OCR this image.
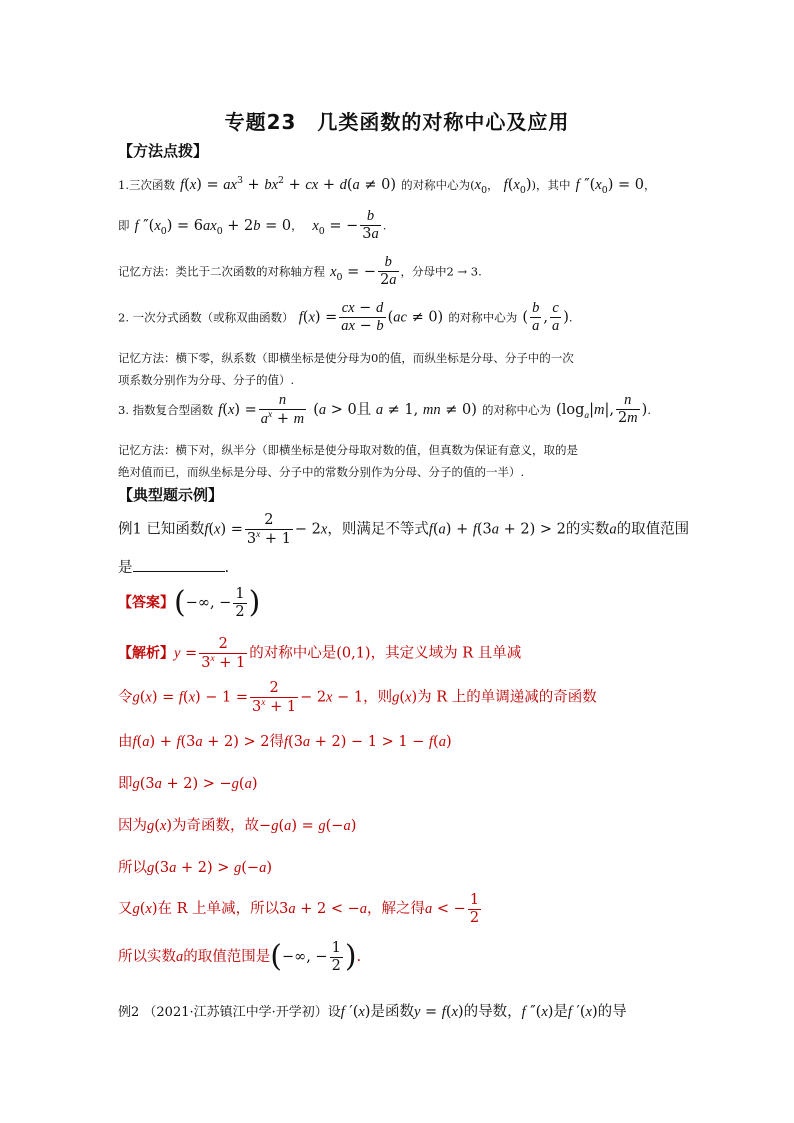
专题23　几类函数的对称中心及应用
【方法点拨】
1.三次函数 $f(x) = ax^3 + bx^2$ + cx + d(a ≠ 0) 的对称中心为($x_0$， $f(x_0)$)，其中 f $''(x_0) = 0$，
即 f $''(x_0) = 6ax_0 + 2b = 0$， $x_0$ = − $\frac{b}{3a}$ .
记忆方法：类比于二次函数的对称轴方程 $x_0$ = − $\frac{b}{2a}$ ，分母中2 → 3.
2. 一次分式函数（或称双曲函数） $f(x) = \frac{cx - d}{ax - b} (ac \ne 0)$ 的对称中心为 ( $\frac{b}{a}$ , $\frac{c}{a}$ ).
记忆方法：横下零，纵系数（即横坐标是使分母为0的值，而纵坐标是分母、分子中的一次
项系数分别作为分母、分子的值）.
3. 指数复合型函数 $f(x) = \frac{n}{a^x + m} (a > 0$且 a ≠ 1, mn ≠ 0) 的对称中心为 ($\log_a|m|$, $\frac{n}{2m}$ ).
记忆方法：横下对，纵半分（即横坐标是使分母取对数的值，但真数为保证有意义，取的是
绝对值而已，而纵坐标是分母、分子中的常数分别作为分母、分子的值的一半）.
【典型题示例】
例1 已知函数$f(x) = \frac{2}{3^x + 1} - 2x$，则满足不等式f(a) + f(3a + 2) > 2的实数a的取值范围
是	.
【答案】(−∞, − $\frac{1}{2}$ )
【解析】$y = \frac{2}{3^x + 1}$ 的对称中心是(0,1)，其定义域为 R 且单减
令$g(x) = f(x) - 1 = \frac{2}{3^x + 1} - 2x - 1$，则g(x)为 R 上的单调递减的奇函数
由f(a) + f(3a + 2) > 2得f(3a + 2) − 1 > 1 − f(a)
即g(3a + 2) > −g(a)
因为g(x)为奇函数，故−g(a) = g(−a)
所以g(3a + 2) > g(−a)
又g(x)在 R 上单减，所以3a + 2 < −a，解之得a < − $\frac{1}{2}$
所以实数a的取值范围是(−∞, − $\frac{1}{2}$ ).
例2 （2021·江苏镇江中学·开学初）设f ′(x)是函数y = f(x)的导数，f ″(x)是f ′(x)的导
